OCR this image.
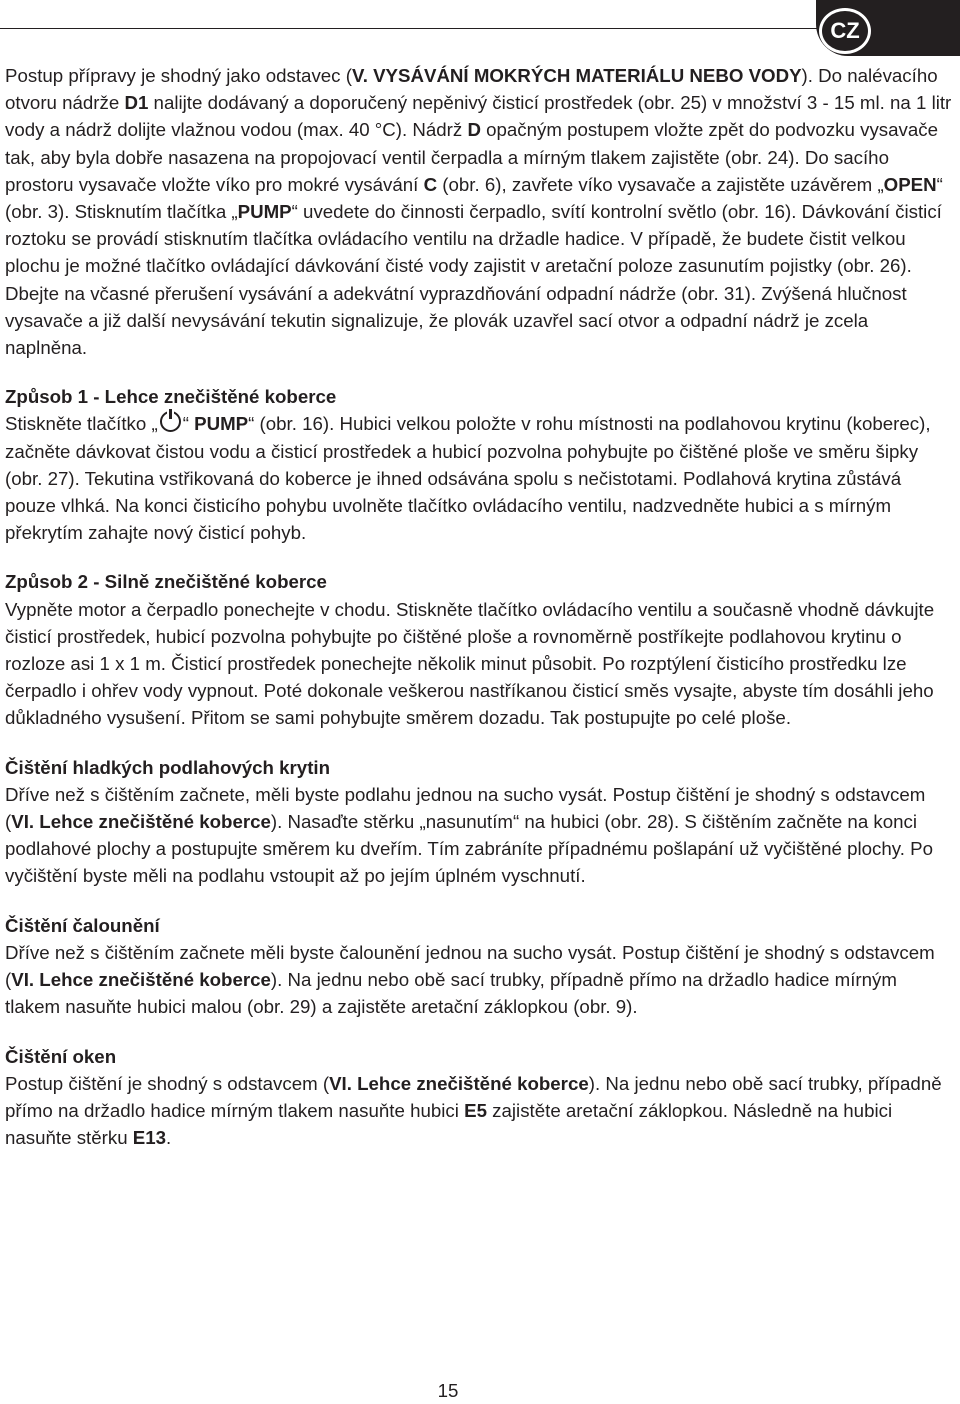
CZ

Postup přípravy je shodný jako odstavec (V. VYSÁVÁNÍ MOKRÝCH MATERIÁLU NEBO VODY). Do nalévacího otvoru nádrže D1 nalijte dodávaný a doporučený nepěnivý čisticí prostředek (obr. 25) v množství 3 - 15 ml. na 1 litr vody a nádrž dolijte vlažnou vodou (max. 40 °C). Nádrž D opačným postupem vložte zpět do podvozku vysavače tak, aby byla dobře nasazena na propojovací ventil čerpadla a mírným tlakem zajistěte (obr. 24). Do sacího prostoru vysavače vložte víko pro mokré vysávání C (obr. 6), zavřete víko vysavače a zajistěte uzávěrem „OPEN“ (obr. 3). Stisknutím tlačítka „PUMP“ uvedete do činnosti čerpadlo, svítí kontrolní světlo (obr. 16). Dávkování čisticí roztoku se provádí stisknutím tlačítka ovládacího ventilu na držadle hadice. V případě, že budete čistit velkou plochu je možné tlačítko ovládající dávkování čisté vody zajistit v aretační poloze zasunutím pojistky (obr. 26). Dbejte na včasné přerušení vysávání a adekvátní vyprazdňování odpadní nádrže (obr. 31). Zvýšená hlučnost vysavače a již další nevysávání tekutin signalizuje, že plovák uzavřel sací otvor a odpadní nádrž je zcela naplněna.

Způsob 1 - Lehce znečištěné koberce

Stiskněte tlačítko „ “ PUMP“ (obr. 16). Hubici velkou položte v rohu místnosti na podlahovou krytinu (koberec), začněte dávkovat čistou vodu a čisticí prostředek a hubicí pozvolna pohybujte po čištěné ploše ve směru šipky (obr. 27). Tekutina vstřikovaná do koberce je ihned odsávána spolu s nečistotami. Podlahová krytina zůstává pouze vlhká. Na konci čisticího pohybu uvolněte tlačítko ovládacího ventilu, nadzvedněte hubici a s mírným překrytím zahajte nový čisticí pohyb.

Způsob 2 - Silně znečištěné koberce

Vypněte motor a čerpadlo ponechejte v chodu. Stiskněte tlačítko ovládacího ventilu a současně vhodně dávkujte čisticí prostředek, hubicí pozvolna pohybujte po čištěné ploše a rovnoměrně postříkejte podlahovou krytinu o rozloze asi 1 x 1 m. Čisticí prostředek ponechejte několik minut působit. Po rozptýlení čisticího prostředku lze čerpadlo i ohřev vody vypnout. Poté dokonale veškerou nastříkanou čisticí směs vysajte, abyste tím dosáhli jeho důkladného vysušení. Přitom se sami pohybujte směrem dozadu. Tak postupujte po celé ploše.

Čištění hladkých podlahových krytin

Dříve než s čištěním začnete, měli byste podlahu jednou na sucho vysát. Postup čištění je shodný s odstavcem (VI. Lehce znečištěné koberce). Nasaďte stěrku „nasunutím“ na hubici (obr. 28). S čištěním začněte na konci podlahové plochy a postupujte směrem ku dveřím. Tím zabráníte případnému pošlapání už vyčištěné plochy. Po vyčištění byste měli na podlahu vstoupit až po jejím úplném vyschnutí.

Čištění čalounění

Dříve než s čištěním začnete měli byste čalounění jednou na sucho vysát. Postup čištění je shodný s odstavcem (VI. Lehce znečištěné koberce). Na jednu nebo obě sací trubky, případně přímo na držadlo hadice mírným tlakem nasuňte hubici malou (obr. 29) a zajistěte aretační záklopkou (obr. 9).

Čištění oken

Postup čištění je shodný s odstavcem (VI. Lehce znečištěné koberce). Na jednu nebo obě sací trubky, případně přímo na držadlo hadice mírným tlakem nasuňte hubici E5 zajistěte aretační záklopkou. Následně na hubici nasuňte stěrku E13.

15
